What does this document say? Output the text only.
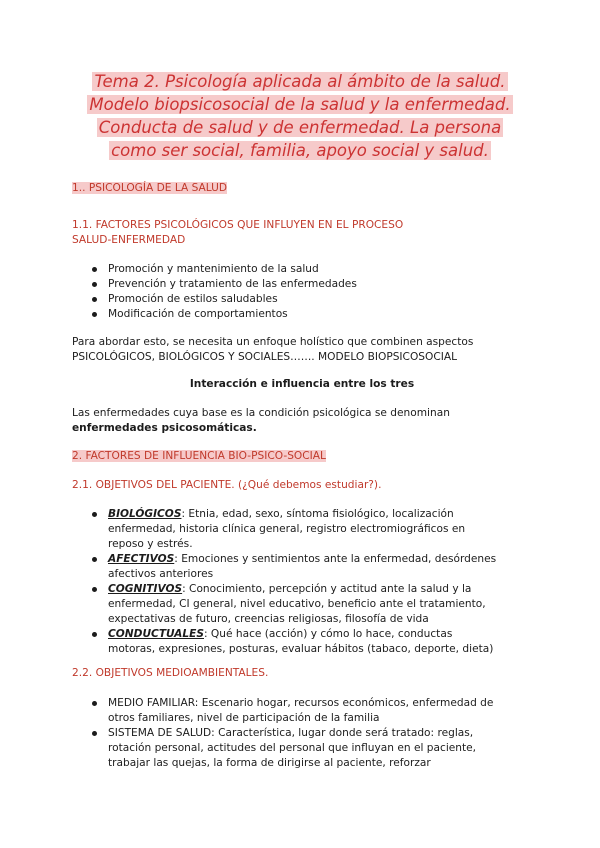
Tema 2. Psicología aplicada al ámbito de la salud.
Modelo biopsicosocial de la salud y la enfermedad.
Conducta de salud y de enfermedad. La persona
como ser social, familia, apoyo social y salud.
1.. PSICOLOGÍA DE LA SALUD
1.1. FACTORES PSICOLÓGICOS QUE INFLUYEN EN EL PROCESO
SALUD-ENFERMEDAD
Promoción y mantenimiento de la salud
Prevención y tratamiento de las enfermedades
Promoción de estilos saludables
Modificación de comportamientos
Para abordar esto, se necesita un enfoque holístico que combinen aspectos
PSICOLÓGICOS, BIOLÓGICOS Y SOCIALES……. MODELO BIOPSICOSOCIAL
Interacción e influencia entre los tres
Las enfermedades cuya base es la condición psicológica se denominan
enfermedades psicosomáticas.
2. FACTORES DE INFLUENCIA BIO-PSICO-SOCIAL
2.1. OBJETIVOS DEL PACIENTE. (¿Qué debemos estudiar?).
BIOLÓGICOS: Etnia, edad, sexo, síntoma fisiológico, localización
enfermedad, historia clínica general, registro electromiográficos en
reposo y estrés.
AFECTIVOS: Emociones y sentimientos ante la enfermedad, desórdenes
afectivos anteriores
COGNITIVOS: Conocimiento, percepción y actitud ante la salud y la
enfermedad, CI general, nivel educativo, beneficio ante el tratamiento,
expectativas de futuro, creencias religiosas, filosofía de vida
CONDUCTUALES: Qué hace (acción) y cómo lo hace, conductas
motoras, expresiones, posturas, evaluar hábitos (tabaco, deporte, dieta)
2.2. OBJETIVOS MEDIOAMBIENTALES.
MEDIO FAMILIAR: Escenario hogar, recursos económicos, enfermedad de
otros familiares, nivel de participación de la familia
SISTEMA DE SALUD: Característica, lugar donde será tratado: reglas,
rotación personal, actitudes del personal que influyan en el paciente,
trabajar las quejas, la forma de dirigirse al paciente, reforzar
